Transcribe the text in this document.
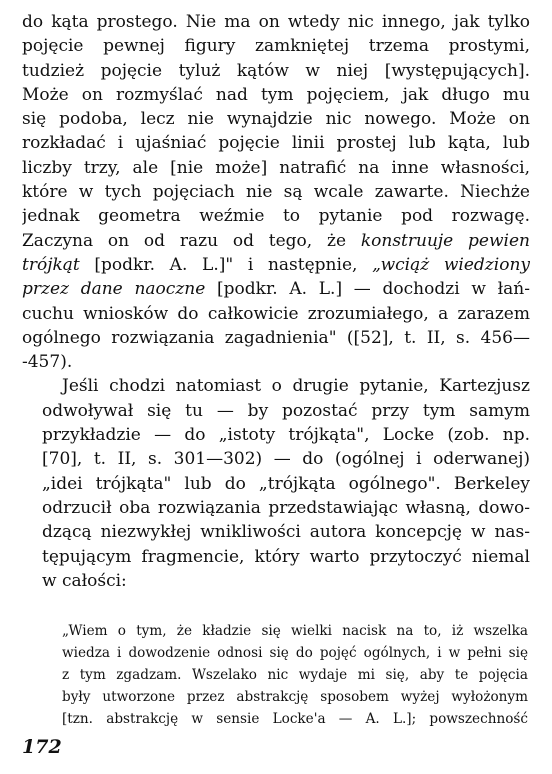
do kąta prostego. Nie ma on wtedy nic innego, jak tylko
pojęcie pewnej figury zamkniętej trzema prostymi,
tudzież pojęcie tyluż kątów w niej [występujących].
Może on rozmyślać nad tym pojęciem, jak długo mu
się podoba, lecz nie wynajdzie nic nowego. Może on
rozkładać i ujaśniać pojęcie linii prostej lub kąta, lub
liczby trzy, ale [nie może] natrafić na inne własności,
które w tych pojęciach nie są wcale zawarte. Niechże
jednak geometra weźmie to pytanie pod rozwagę.
Zaczyna on od razu od tego, że konstruuje pewien
trójkąt [podkr. A. L.]" i następnie, „wciąż wiedziony
przez dane naoczne [podkr. A. L.] — dochodzi w łań-
cuchu wniosków do całkowicie zrozumiałego, a zarazem
ogólnego rozwiązania zagadnienia" ([52], t. II, s. 456—
-457).

Jeśli chodzi natomiast o drugie pytanie, Kartezjusz
odwoływał się tu — by pozostać przy tym samym
przykładzie — do „istoty trójkąta", Locke (zob. np.
[70], t. II, s. 301—302) — do (ogólnej i oderwanej)
„idei trójkąta" lub do „trójkąta ogólnego". Berkeley
odrzucił oba rozwiązania przedstawiając własną, dowo-
dzącą niezwykłej wnikliwości autora koncepcję w nas-
tępującym fragmencie, który warto przytoczyć niemal
w całości:

„Wiem o tym, że kładzie się wielki nacisk na to, iż wszelka
wiedza i dowodzenie odnosi się do pojęć ogólnych, i w pełni się
z tym zgadzam. Wszelako nic wydaje mi się, aby te pojęcia
były utworzone przez abstrakcję sposobem wyżej wyłożonym
[tzn. abstrakcję w sensie Locke'a — A. L.]; powszechność
172
